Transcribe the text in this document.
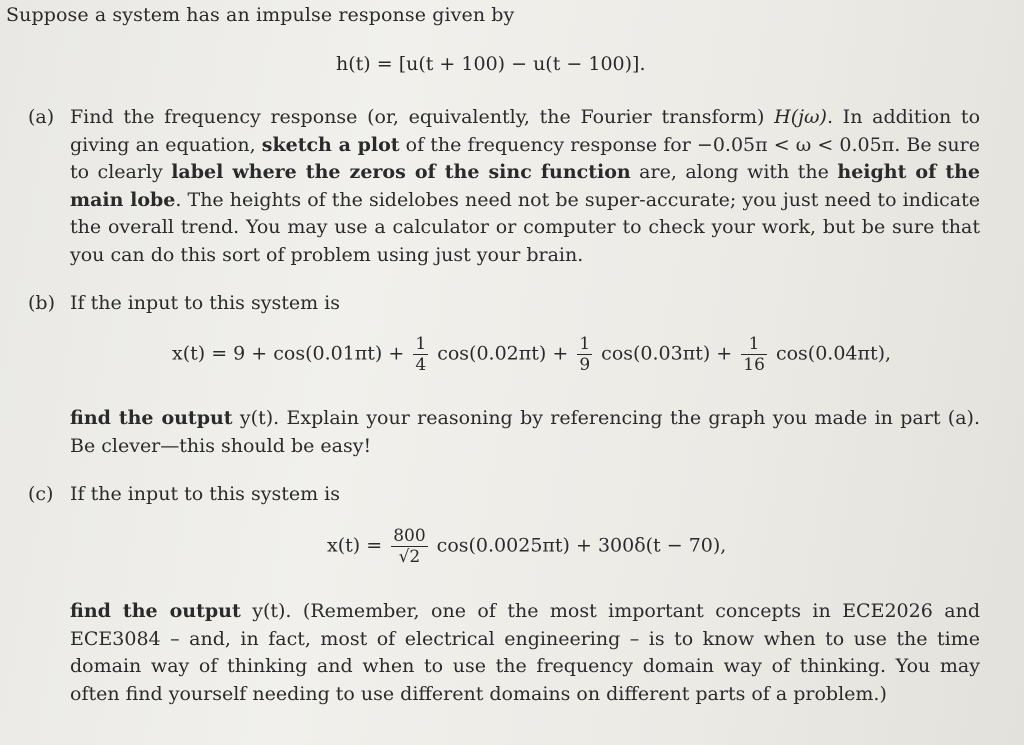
Suppose a system has an impulse response given by
h(t) = [u(t + 100) − u(t − 100)].
(a) Find the frequency response (or, equivalently, the Fourier transform) H(jω). In addition to giving an equation, sketch a plot of the frequency response for −0.05π < ω < 0.05π. Be sure to clearly label where the zeros of the sinc function are, along with the height of the main lobe. The heights of the sidelobes need not be super-accurate; you just need to indicate the overall trend. You may use a calculator or computer to check your work, but be sure that you can do this sort of problem using just your brain.
(b) If the input to this system is
$x(t) = 9 + \cos(0.01\pi t) + \frac{1}{4} \cos(0.02\pi t) + \frac{1}{9} \cos(0.03\pi t) + \frac{1}{16} \cos(0.04\pi t)$,
find the output y(t). Explain your reasoning by referencing the graph you made in part (a). Be clever—this should be easy!
(c) If the input to this system is
$x(t) = \frac{800}{√2} \cos(0.0025\pi t) + 300\delta(t - 70)$,
find the output y(t). (Remember, one of the most important concepts in ECE2026 and ECE3084 – and, in fact, most of electrical engineering – is to know when to use the time domain way of thinking and when to use the frequency domain way of thinking. You may often find yourself needing to use different domains on different parts of a problem.)
